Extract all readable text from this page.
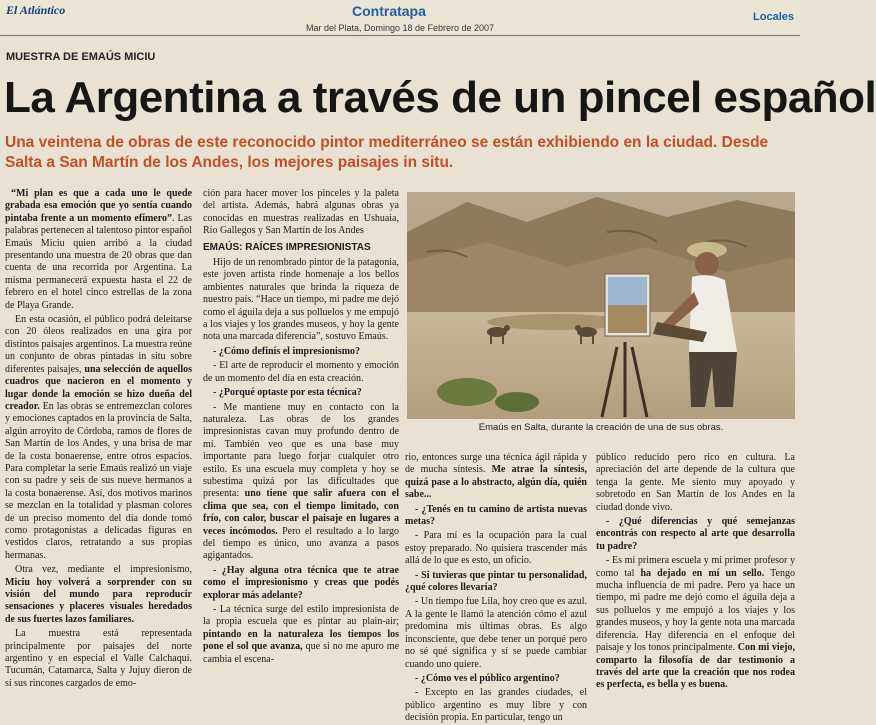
El Atlántico	Contratapa	Locales
Mar del Plata, Domingo 18 de Febrero de 2007
MUESTRA DE EMAÚS MICIU
La Argentina a través de un pincel español
Una veintena de obras de este reconocido pintor mediterráneo se están exhibiendo en la ciudad. Desde Salta a San Martín de los Andes, los mejores paisajes in situ.

“Mi plan es que a cada uno le quede grabada esa emoción que yo sentía cuando pintaba frente a un momento efímero”. Las palabras pertenecen al talentoso pintor español Emaús Miciu quien arribó a la ciudad presentando una muestra de 20 obras que dan cuenta de una recorrida por Argentina. La misma permanecerá expuesta hasta el 22 de febrero en el hotel cinco estrellas de la zona de Playa Grande.

En esta ocasión, el público podrá deleitarse con 20 óleos realizados en una gira por distintos paisajes argentinos. La muestra reúne un conjunto de obras pintadas in situ sobre diferentes paisajes, una selección de aquellos cuadros que nacieron en el momento y lugar donde la emoción se hizo dueña del creador. En las obras se entremezclan colores y emociones captados en la provincia de Salta, algún arroyito de Córdoba, ramos de flores de San Martín de los Andes, y una brisa de mar de la costa bonaerense, entre otros espacios. Para completar la serie Emaús realizó un viaje con su padre y seis de sus nueve hermanos a la costa bonaerense. Así, dos motivos marinos se mezclan en la totalidad y plasman colores de un preciso momento del día donde tomó como protagonistas a delicadas figuras en vestidos claros, retratando a sus propias hermanas.

Otra vez, mediante el impresionismo, Miciu hoy volverá a sorprender con su visión del mundo para reproducir sensaciones y placeres visuales heredados de sus fuertes lazos familiares.

La muestra está representada principalmente por paisajes del norte argentino y en especial el Valle Calchaquí. Tucumán, Catamarca, Salta y Jujuy dieron de sí sus rincones cargados de emo-

ción para hacer mover los pinceles y la paleta del artista. Además, habrá algunas obras ya conocidas en muestras realizadas en Ushuaia, Río Gallegos y San Martín de los Andes

EMAÚS: RAÍCES IMPRESIONISTAS

Hijo de un renombrado pintor de la patagonia, este joven artista rinde homenaje a los bellos ambientes naturales que brinda la riqueza de nuestro país. “Hace un tiempo, mi padre me dejó como el águila deja a sus polluelos y me empujó a los viajes y los grandes museos, y hoy la gente nota una marcada diferencia”, sostuvo Emaús.

- ¿Cómo definís el impresionismo?

- El arte de reproducir el momento y emoción de un momento del día en esta creación.

- ¿Porqué optaste por esta técnica?

- Me mantiene muy en contacto con la naturaleza. Las obras de los grandes impresionistas cavan muy profundo dentro de mí. También veo que es una base muy importante para luego forjar cualquier otro estilo. Es una escuela muy completa y hoy se subestima quizá por las dificultades que presenta: uno tiene que salir afuera con el clima que sea, con el tiempo limitado, con frío, con calor, buscar el paisaje en lugares a veces incómodos. Pero el resultado a lo largo del tiempo es único, uno avanza a pasos agigantados.

- ¿Hay alguna otra técnica que te atrae como el impresionismo y creas que podés explorar más adelante?

- La técnica surge del estilo impresionista de la propia escuela que es pintar au plain-air; pintando en la naturaleza los tiempos los pone el sol que avanza, que si no me apuro me cambia el escena-

Emaús en Salta, durante la creación de una de sus obras.

rio, entonces surge una técnica ágil rápida y de mucha síntesis. Me atrae la síntesis, quizá pase a lo abstracto, algún día, quién sabe...

- ¿Tenés en tu camino de artista nuevas metas?

- Para mí es la ocupación para la cual estoy preparado. No quisiera trascender más allá de lo que es esto, un oficio.

- Si tuvieras que pintar tu personalidad, ¿qué colores llevaría?

- Un tiempo fue Lila, hoy creo que es azul. A la gente le llamó la atención cómo el azul predomina mis últimas obras. Es algo inconsciente, que debe tener un porqué pero no sé qué significa y sí se puede cambiar cuando uno quiere.

- ¿Cómo ves el público argentino?

- Excepto en las grandes ciudades, el público argentino es muy libre y con decisión propia. En particular, tengo un

público reducido pero rico en cultura. La apreciación del arte depende de la cultura que tenga la gente. Me siento muy apoyado y sobretodo en San Martín de los Andes en la ciudad donde vivo.

- ¿Qué diferencias y qué semejanzas encontrás con respecto al arte que desarrolla tu padre?

- Es mi primera escuela y mi primer profesor y como tal ha dejado en mí un sello. Tengo mucha influencia de mi padre. Pero ya hace un tiempo, mi padre me dejó como el águila deja a sus polluelos y me empujó a los viajes y los grandes museos, y hoy la gente nota una marcada diferencia. Hay diferencia en el enfoque del paisaje y los tonos principalmente. Con mi viejo, comparto la filosofía de dar testimonio a través del arte que la creación que nos rodea es perfecta, es bella y es buena.
